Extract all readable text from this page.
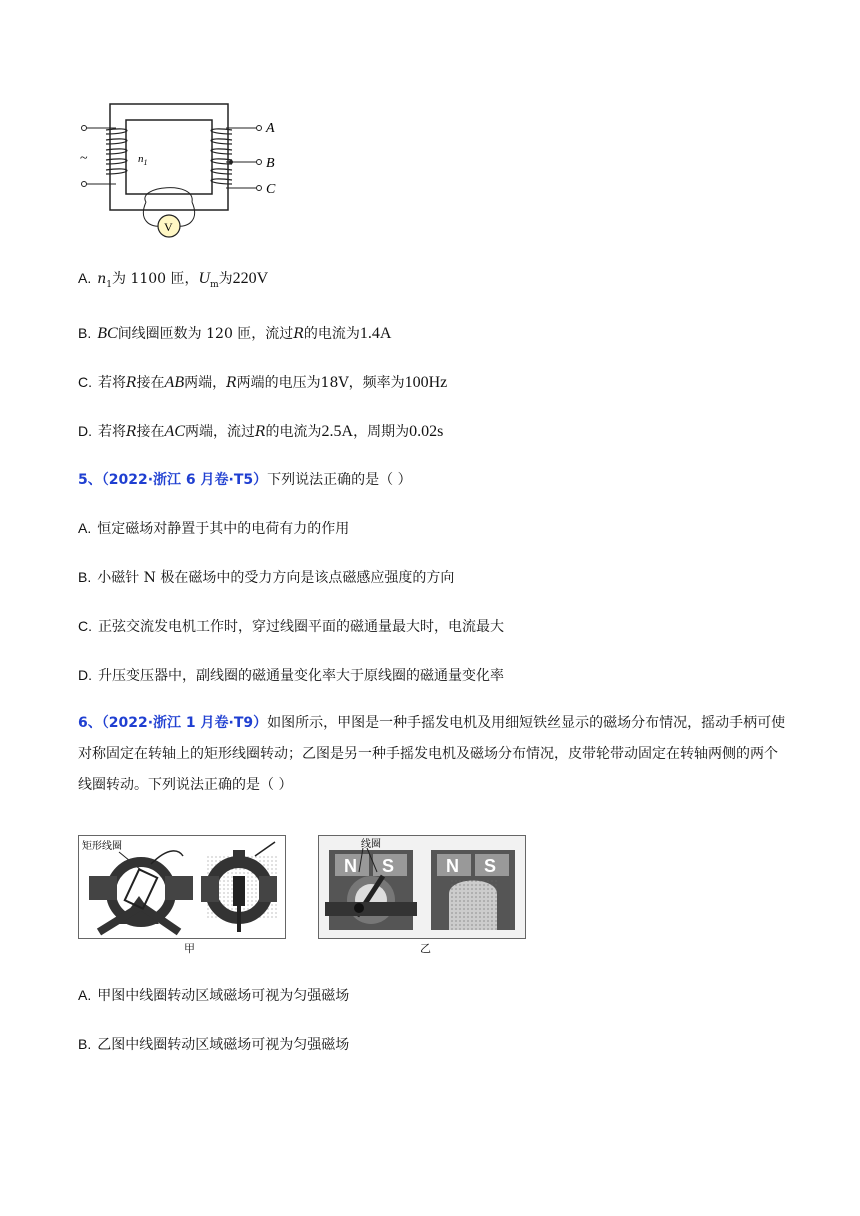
~	$n_1$
A
B
C
V
A. $n_1$为 1100 匝，$U_m$为220V
B. BC间线圈匝数为 120 匝，流过R的电流为1.4A
C. 若将R接在AB两端，R两端的电压为18V，频率为100Hz
D. 若将R接在AC两端，流过R的电流为2.5A，周期为0.02s
5、（2022·浙江 6 月卷·T5）下列说法正确的是（ ）
A. 恒定磁场对静置于其中的电荷有力的作用
B. 小磁针 N 极在磁场中的受力方向是该点磁感应强度的方向
C. 正弦交流发电机工作时，穿过线圈平面的磁通量最大时，电流最大
D. 升压变压器中，副线圈的磁通量变化率大于原线圈的磁通量变化率
6、（2022·浙江 1 月卷·T9）如图所示，甲图是一种手摇发电机及用细短铁丝显示的磁场分布情况，摇动手柄可使对称固定在转轴上的矩形线圈转动；乙图是另一种手摇发电机及磁场分布情况，皮带轮带动固定在转轴两侧的两个线圈转动。下列说法正确的是（ ）
矩形线圈
甲
线圈
N S	N S
乙
A. 甲图中线圈转动区域磁场可视为匀强磁场
B. 乙图中线圈转动区域磁场可视为匀强磁场
